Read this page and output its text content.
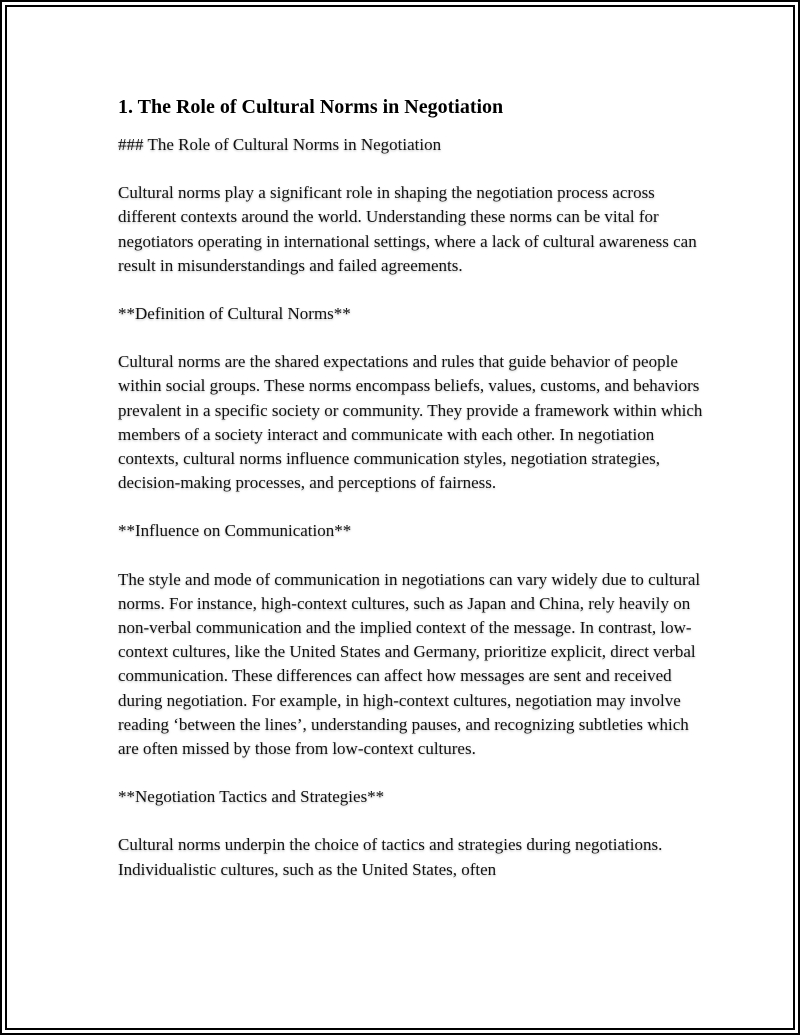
1. The Role of Cultural Norms in Negotiation

### The Role of Cultural Norms in Negotiation

Cultural norms play a significant role in shaping the negotiation process across different contexts around the world. Understanding these norms can be vital for negotiators operating in international settings, where a lack of cultural awareness can result in misunderstandings and failed agreements.

**Definition of Cultural Norms**

Cultural norms are the shared expectations and rules that guide behavior of people within social groups. These norms encompass beliefs, values, customs, and behaviors prevalent in a specific society or community. They provide a framework within which members of a society interact and communicate with each other. In negotiation contexts, cultural norms influence communication styles, negotiation strategies, decision-making processes, and perceptions of fairness.

**Influence on Communication**

The style and mode of communication in negotiations can vary widely due to cultural norms. For instance, high-context cultures, such as Japan and China, rely heavily on non-verbal communication and the implied context of the message. In contrast, low-context cultures, like the United States and Germany, prioritize explicit, direct verbal communication. These differences can affect how messages are sent and received during negotiation. For example, in high-context cultures, negotiation may involve reading ‘between the lines’, understanding pauses, and recognizing subtleties which are often missed by those from low-context cultures.

**Negotiation Tactics and Strategies**

Cultural norms underpin the choice of tactics and strategies during negotiations. Individualistic cultures, such as the United States, often
